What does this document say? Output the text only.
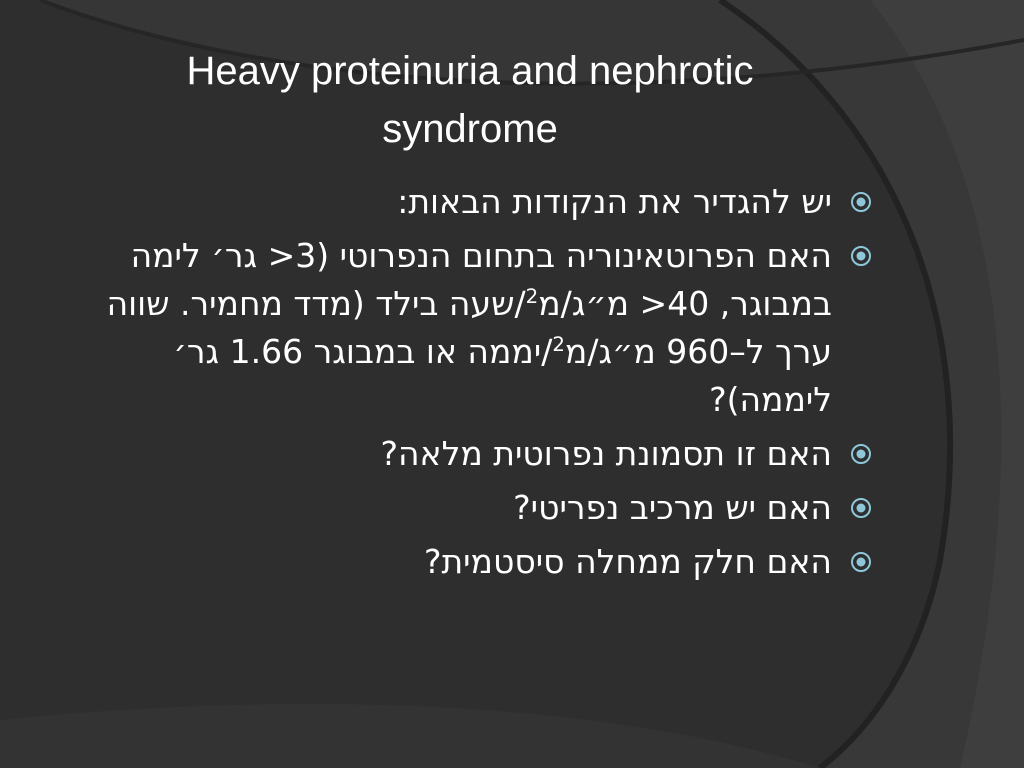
Heavy proteinuria and nephrotic syndrome
יש להגדיר את הנקודות הבאות:
האם הפרוטאינוריה בתחום הנפרוטי (3< גר׳ לימה במבוגר, 40< מ״ג/מ$^2$/שעה בילד (מדד מחמיר. שווה ערך ל–960 מ״ג/מ$^2$/יממה או במבוגר 1.66 גר׳ ליממה)?
האם זו תסמונת נפרוטית מלאה?
האם יש מרכיב נפריטי?
האם חלק ממחלה סיסטמית?
